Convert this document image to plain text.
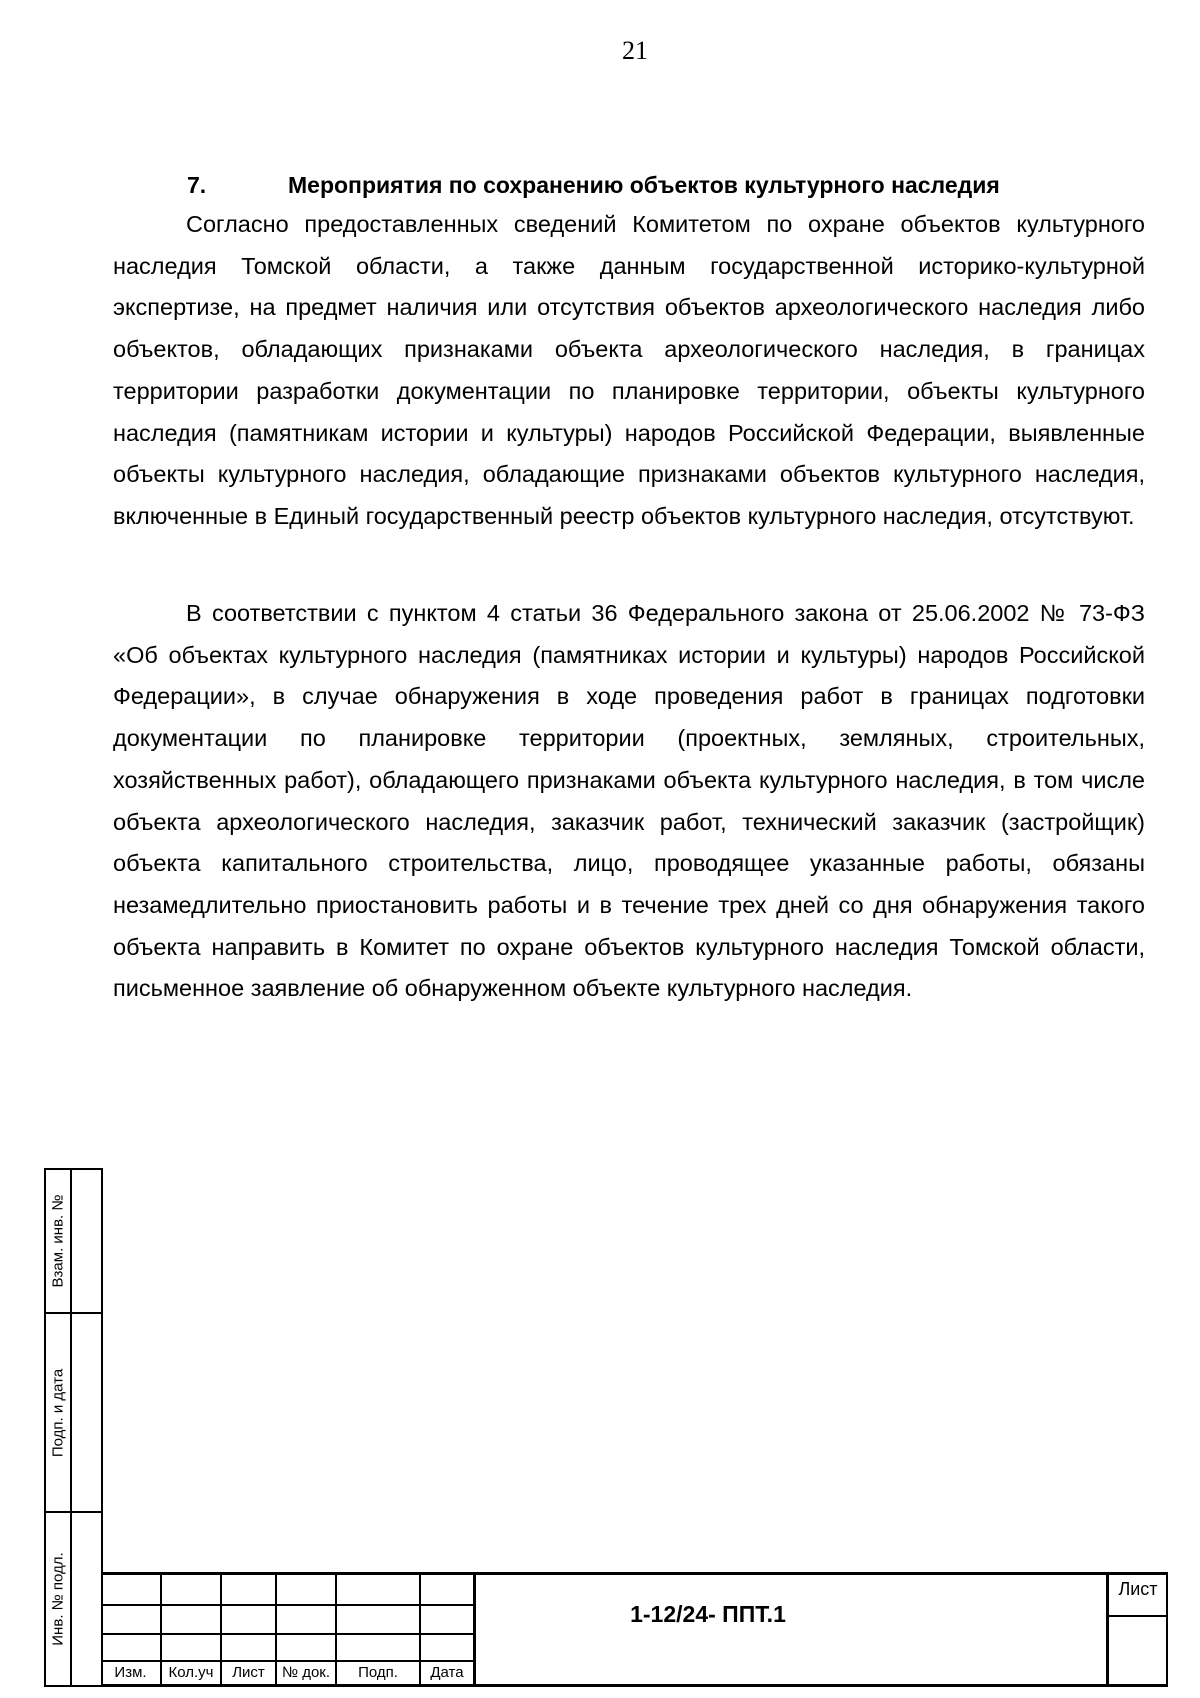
21
7.	Мероприятия по сохранению объектов культурного наследия

Согласно предоставленных сведений Комитетом по охране объектов культурного наследия Томской области, а также данным государственной историко-культурной экспертизе, на предмет наличия или отсутствия объектов археологического наследия либо объектов, обладающих признаками объекта археологического наследия, в границах территории разработки документации по планировке территории, объекты культурного наследия (памятникам истории и культуры) народов Российской Федерации, выявленные объекты культурного наследия, обладающие признаками объектов культурного наследия, включенные в Единый государственный реестр объектов культурного наследия, отсутствуют.

В соответствии с пунктом 4 статьи 36 Федерального закона от 25.06.2002 № 73-ФЗ «Об объектах культурного наследия (памятниках истории и культуры) народов Российской Федерации», в случае обнаружения в ходе проведения работ в границах подготовки документации по планировке территории (проектных, земляных, строительных, хозяйственных работ), обладающего признаками объекта культурного наследия, в том числе объекта археологического наследия, заказчик работ, технический заказчик (застройщик) объекта капитального строительства, лицо, проводящее указанные работы, обязаны незамедлительно приостановить работы и в течение трех дней со дня обнаружения такого объекта направить в Комитет по охране объектов культурного наследия Томской области, письменное заявление об обнаруженном объекте культурного наследия.

Взам. инв. №
Подп. и дата
Инв. № подл.
Изм.	Кол.уч	Лист	№ док.	Подп.	Дата
1-12/24- ППТ.1
Лист
